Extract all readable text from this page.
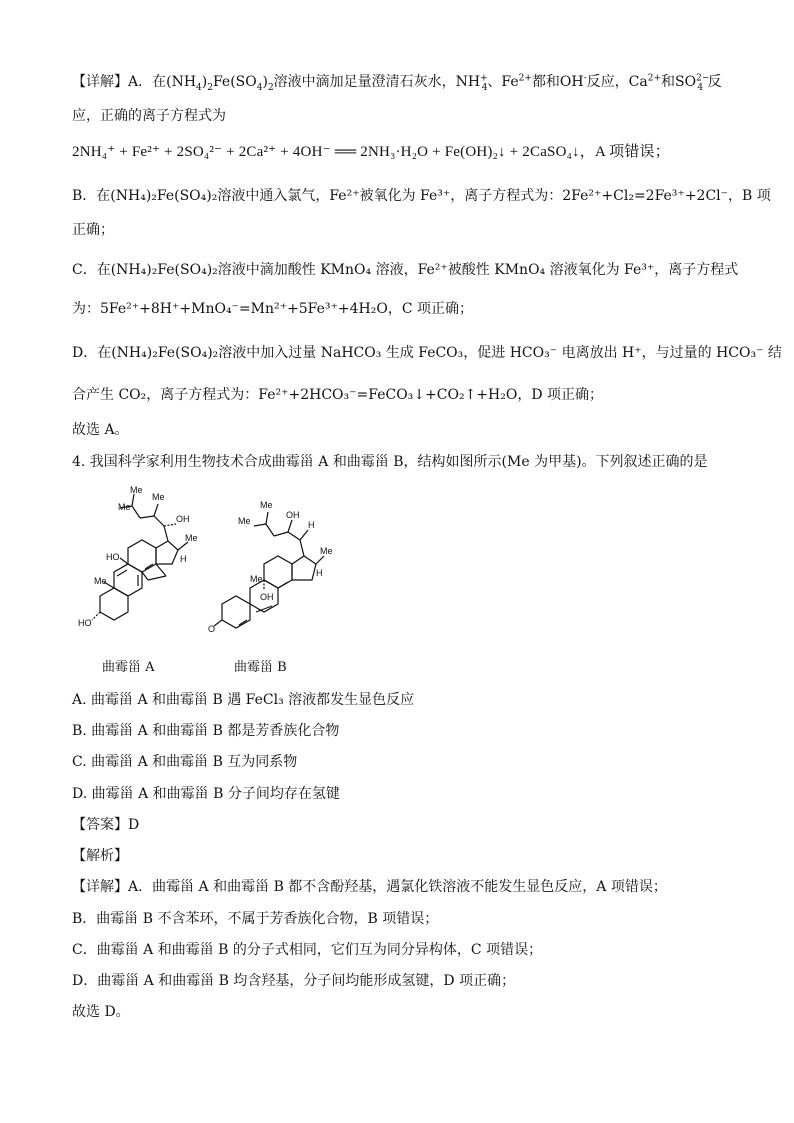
【详解】A．在$(NH_4)_2Fe(SO_4)_2$溶液中滴加足量澄清石灰水，$NH^+_4$、$Fe^{2+}$都和OH-反应，$Ca^{2+}$和$SO^{2-}_4$ 反
应，正确的离子方程式为
2NH₄⁺ + Fe²⁺ + 2SO₄²⁻ + 2Ca²⁺ + 4OH⁻ ══ 2NH₃·H₂O + Fe(OH)₂↓ + 2CaSO₄↓，A 项错误；
B．在(NH₄)₂Fe(SO₄)₂溶液中通入氯气，Fe²⁺被氧化为 Fe³⁺，离子方程式为：2Fe²⁺+Cl₂=2Fe³⁺+2Cl⁻，B 项
正确；
C．在(NH₄)₂Fe(SO₄)₂溶液中滴加酸性 KMnO₄ 溶液，Fe²⁺被酸性 KMnO₄ 溶液氧化为 Fe³⁺，离子方程式
为：5Fe²⁺+8H⁺+MnO₄⁻=Mn²⁺+5Fe³⁺+4H₂O，C 项正确；
D．在(NH₄)₂Fe(SO₄)₂溶液中加入过量 NaHCO₃ 生成 FeCO₃，促进 HCO₃⁻ 电离放出 H⁺，与过量的 HCO₃⁻ 结
合产生 CO₂，离子方程式为：Fe²⁺+2HCO₃⁻=FeCO₃↓+CO₂↑+H₂O，D 项正确；
故选 A。
4. 我国科学家利用生物技术合成曲霉甾 A 和曲霉甾 B，结构如图所示(Me 为甲基)。下列叙述正确的是
Me
Me
Me
OH
Me
H
HO
Me
HO
Me
Me
OH
H
Me
H
Me
OH
O
曲霉甾 A	曲霉甾 B
A. 曲霉甾 A 和曲霉甾 B 遇 FeCl₃ 溶液都发生显色反应
B. 曲霉甾 A 和曲霉甾 B 都是芳香族化合物
C. 曲霉甾 A 和曲霉甾 B 互为同系物
D. 曲霉甾 A 和曲霉甾 B 分子间均存在氢键
【答案】D
【解析】
【详解】A．曲霉甾 A 和曲霉甾 B 都不含酚羟基，遇氯化铁溶液不能发生显色反应，A 项错误；
B．曲霉甾 B 不含苯环，不属于芳香族化合物，B 项错误；
C．曲霉甾 A 和曲霉甾 B 的分子式相同，它们互为同分异构体，C 项错误；
D．曲霉甾 A 和曲霉甾 B 均含羟基，分子间均能形成氢键，D 项正确；
故选 D。
